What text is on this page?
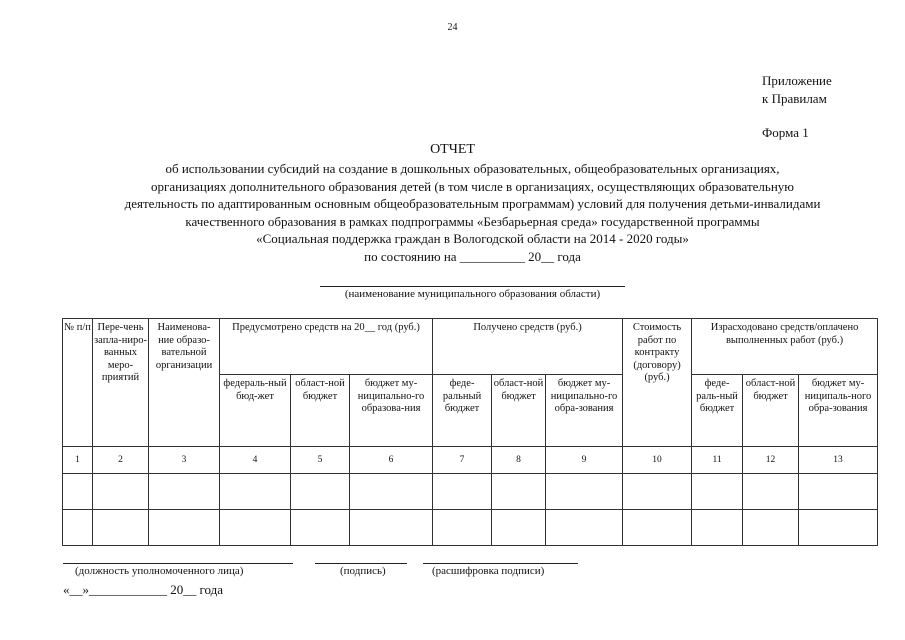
24
Приложение
к Правилам
Форма 1
ОТЧЕТ
об использовании субсидий на создание в дошкольных образовательных, общеобразовательных организациях,
организациях дополнительного образования детей (в том числе в организациях, осуществляющих образовательную
деятельность по адаптированным основным общеобразовательным программам) условий для получения детьми-инвалидами
качественного образования в рамках подпрограммы «Безбарьерная среда» государственной программы
«Социальная поддержка граждан в Вологодской области на 2014 - 2020 годы»
по состоянию на __________ 20__ года
(наименование муниципального образования области)
№ п/п	Пере-чень запла-ниро-ванных меро-приятий	Наименова-ние образо-вательной организации	Предусмотрено средств на 20__ год (руб.)			Получено средств (руб.)			Стоимость работ по контракту (договору) (руб.)	Израсходовано средств/оплачено выполненных работ (руб.)		
			федераль-ный бюд-жет	област-ной бюджет	бюджет му-ниципально-го образова-ния	феде-ральный бюджет	област-ной бюджет	бюджет му-ниципально-го обра-зования		феде-раль-ный бюджет	област-ной бюджет	бюджет му-ниципаль-ного обра-зования
1	2	3	4	5	6	7	8	9	10	11	12	13

(должность уполномоченного лица)	(подпись)	(расшифровка подписи)
«__»____________ 20__ года
